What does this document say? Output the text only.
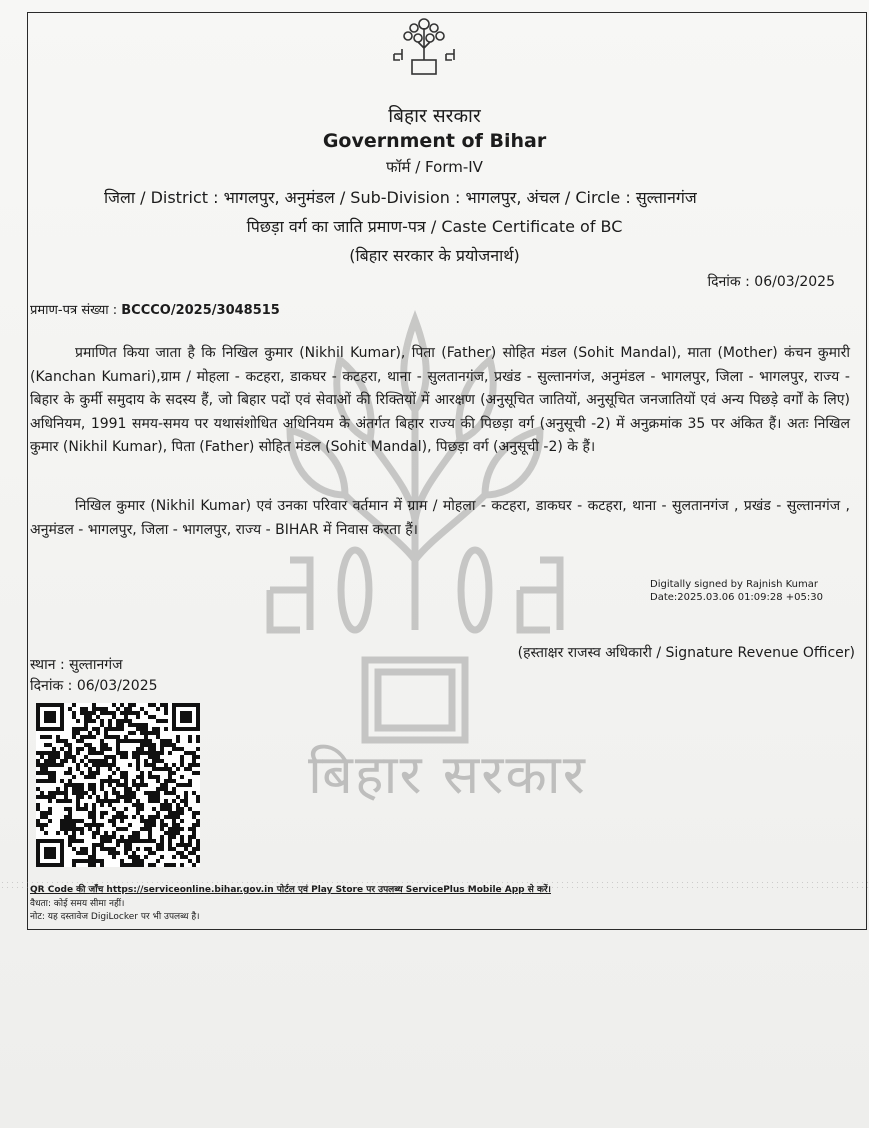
बिहार सरकार
बिहार सरकार
Government of Bihar
फॉर्म / Form-IV
जिला / District : भागलपुर, अनुमंडल / Sub-Division : भागलपुर, अंचल / Circle : सुल्तानगंज
पिछड़ा वर्ग का जाति प्रमाण-पत्र / Caste Certificate of BC
(बिहार सरकार के प्रयोजनार्थ)
दिनांक : 06/03/2025
प्रमाण-पत्र संख्या : BCCCO/2025/3048515
प्रमाणित किया जाता है कि निखिल कुमार (Nikhil Kumar), पिता (Father) सोहित मंडल (Sohit Mandal), माता (Mother) कंचन कुमारी (Kanchan Kumari),ग्राम / मोहला - कटहरा, डाकघर - कटहरा, थाना - सुलतानगंज, प्रखंड - सुल्तानगंज, अनुमंडल - भागलपुर, जिला - भागलपुर, राज्य - बिहार के कुर्मी समुदाय के सदस्य हैं, जो बिहार पदों एवं सेवाओं की रिक्तियों में आरक्षण (अनुसूचित जातियों, अनुसूचित जनजातियों एवं अन्य पिछड़े वर्गों के लिए) अधिनियम, 1991 समय-समय पर यथासंशोधित अधिनियम के अंतर्गत बिहार राज्य की पिछड़ा वर्ग (अनुसूची -2) में अनुक्रमांक 35 पर अंकित हैं। अतः निखिल कुमार (Nikhil Kumar), पिता (Father) सोहित मंडल (Sohit Mandal), पिछड़ा वर्ग (अनुसूची -2) के हैं।
निखिल कुमार (Nikhil Kumar) एवं उनका परिवार वर्तमान में ग्राम / मोहला - कटहरा, डाकघर - कटहरा, थाना - सुलतानगंज , प्रखंड - सुल्तानगंज , अनुमंडल - भागलपुर, जिला - भागलपुर, राज्य - BIHAR में निवास करता हैं।
Digitally signed by Rajnish Kumar
Date:2025.03.06 01:09:28 +05:30
(हस्ताक्षर राजस्व अधिकारी / Signature Revenue Officer)
स्थान : सुल्तानगंज
दिनांक : 06/03/2025
QR Code की जाँच https://serviceonline.bihar.gov.in पोर्टल एवं Play Store पर उपलब्ध ServicePlus Mobile App से करें।
वैधता: कोई समय सीमा नहीं।
नोट: यह दस्तावेज DigiLocker पर भी उपलब्ध है।
